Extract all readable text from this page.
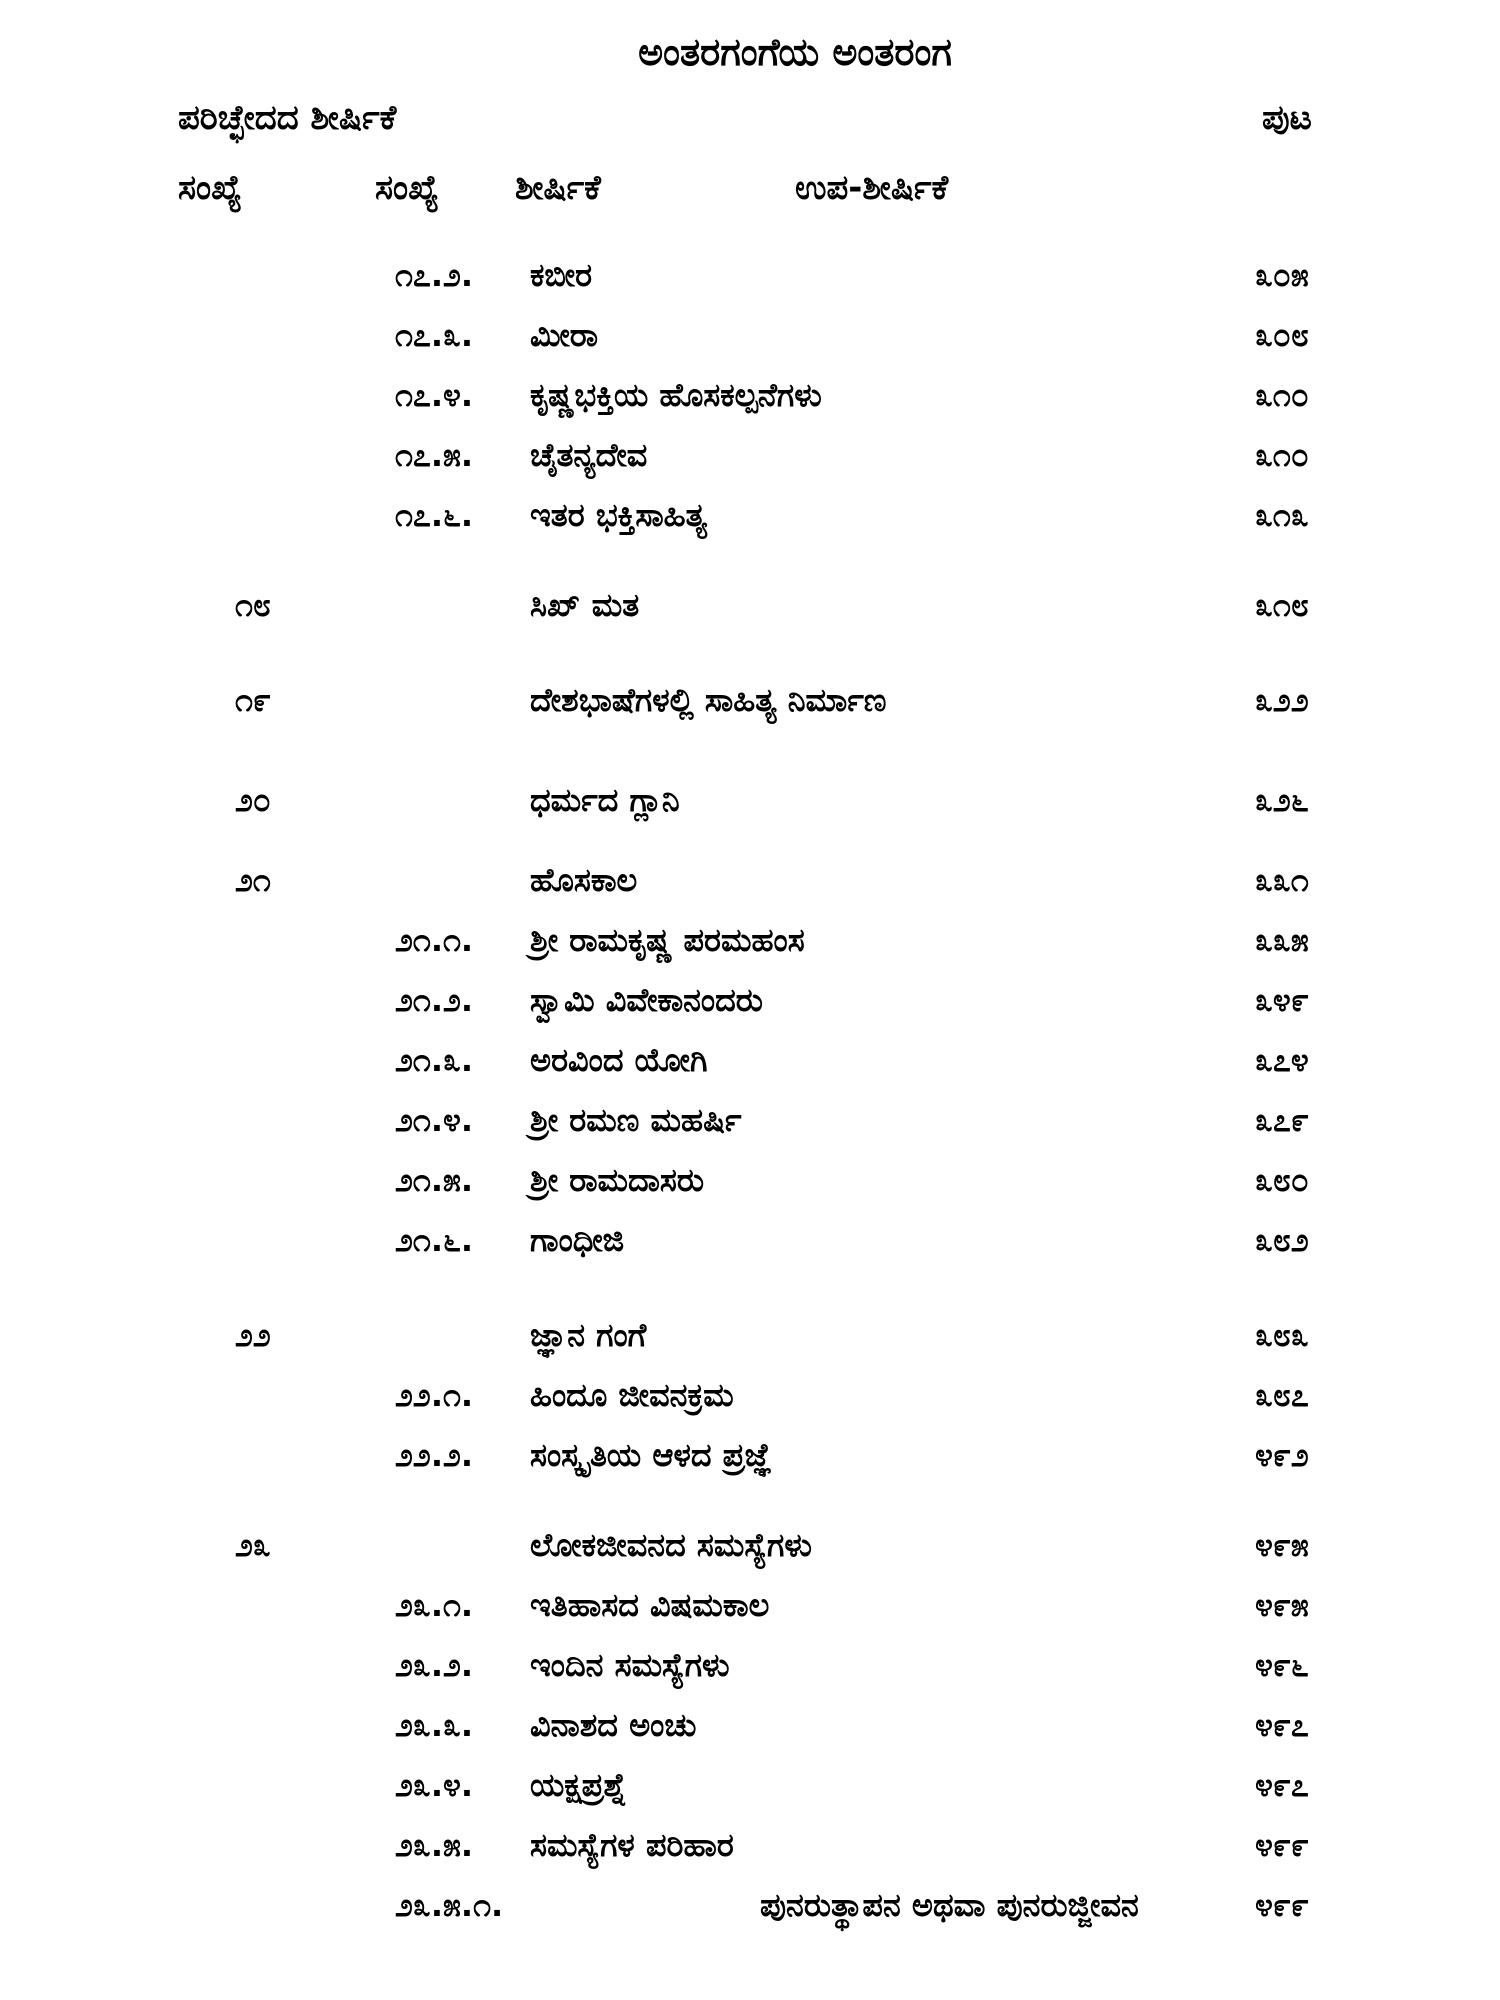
ಅಂತರಗಂಗೆಯ ಅಂತರಂಗ
ಪರಿಚ್ಛೇದದ ಶೀರ್ಷಿಕೆ	ಪುಟ
ಸಂಖ್ಯೆ	ಸಂಖ್ಯೆ ಶೀರ್ಷಿಕೆ	ಉಪ-ಶೀರ್ಷಿಕೆ
೧೭.೨. ಕಬೀರ	೩೦೫
೧೭.೩. ಮೀರಾ	೩೦೮
೧೭.೪. ಕೃಷ್ಣಭಕ್ತಿಯ ಹೊಸಕಲ್ಪನೆಗಳು	೩೧೦
೧೭.೫. ಚೈತನ್ಯದೇವ	೩೧೦
೧೭.೬. ಇತರ ಭಕ್ತಿಸಾಹಿತ್ಯ	೩೧೩
೧೮	ಸಿಖ್ ಮತ	೩೧೮
೧೯	ದೇಶಭಾಷೆಗಳಲ್ಲಿ ಸಾಹಿತ್ಯ ನಿರ್ಮಾಣ	೩೨೨
೨೦	ಧರ್ಮದ ಗ್ಲಾನಿ	೩೨೬
೨೧	ಹೊಸಕಾಲ	೩೩೧
೨೧.೧. ಶ್ರೀ ರಾಮಕೃಷ್ಣ ಪರಮಹಂಸ	೩೩೫
೨೧.೨. ಸ್ವಾಮಿ ವಿವೇಕಾನಂದರು	೩೪೯
೨೧.೩. ಅರವಿಂದ ಯೋಗಿ	೩೭೪
೨೧.೪. ಶ್ರೀ ರಮಣ ಮಹರ್ಷಿ	೩೭೯
೨೧.೫. ಶ್ರೀ ರಾಮದಾಸರು	೩೮೦
೨೧.೬. ಗಾಂಧೀಜಿ	೩೮೨
೨೨	ಜ್ಞಾನ ಗಂಗೆ	೩೮೩
೨೨.೧. ಹಿಂದೂ ಜೀವನಕ್ರಮ	೩೮೭
೨೨.೨. ಸಂಸ್ಕೃತಿಯ ಆಳದ ಪ್ರಜ್ಞೆ	೪೯೨
೨೩	ಲೋಕಜೀವನದ ಸಮಸ್ಯೆಗಳು	೪೯೫
೨೩.೧. ಇತಿಹಾಸದ ವಿಷಮಕಾಲ	೪೯೫
೨೩.೨. ಇಂದಿನ ಸಮಸ್ಯೆಗಳು	೪೯೬
೨೩.೩. ವಿನಾಶದ ಅಂಚು	೪೯೭
೨೩.೪. ಯಕ್ಷಪ್ರಶ್ನೆ	೪೯೭
೨೩.೫. ಸಮಸ್ಯೆಗಳ ಪರಿಹಾರ	೪೯೯
೨೩.೫.೧.	ಪುನರುತ್ಥಾಪನ ಅಥವಾ ಪುನರುಜ್ಜೀವನ	೪೯೯
